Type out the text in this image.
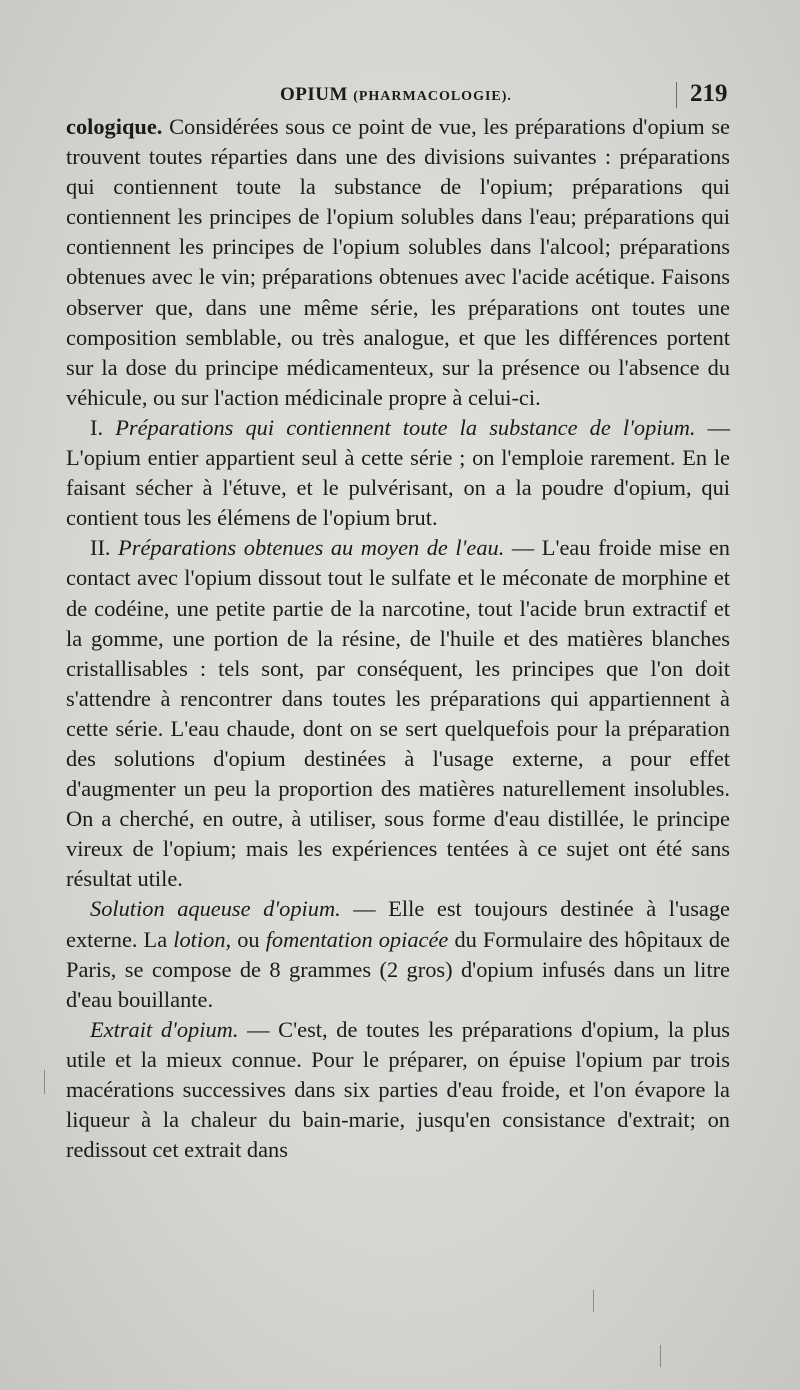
OPIUM (PHARMACOLOGIE).	219

cologique. Considérées sous ce point de vue, les préparations d'opium se trouvent toutes réparties dans une des divisions suivantes : préparations qui contiennent toute la substance de l'opium; préparations qui contiennent les principes de l'opium solubles dans l'eau; préparations qui contiennent les principes de l'opium solubles dans l'alcool; préparations obtenues avec le vin; préparations obtenues avec l'acide acétique. Faisons observer que, dans une même série, les préparations ont toutes une composition semblable, ou très analogue, et que les différences portent sur la dose du principe médicamenteux, sur la présence ou l'absence du véhicule, ou sur l'action médicinale propre à celui-ci.

I. Préparations qui contiennent toute la substance de l'opium. — L'opium entier appartient seul à cette série ; on l'emploie rarement. En le faisant sécher à l'étuve, et le pulvérisant, on a la poudre d'opium, qui contient tous les élémens de l'opium brut.

II. Préparations obtenues au moyen de l'eau. — L'eau froide mise en contact avec l'opium dissout tout le sulfate et le méconate de morphine et de codéine, une petite partie de la narcotine, tout l'acide brun extractif et la gomme, une portion de la résine, de l'huile et des matières blanches cristallisables : tels sont, par conséquent, les principes que l'on doit s'attendre à rencontrer dans toutes les préparations qui appartiennent à cette série. L'eau chaude, dont on se sert quelquefois pour la préparation des solutions d'opium destinées à l'usage externe, a pour effet d'augmenter un peu la proportion des matières naturellement insolubles. On a cherché, en outre, à utiliser, sous forme d'eau distillée, le principe vireux de l'opium; mais les expériences tentées à ce sujet ont été sans résultat utile.

Solution aqueuse d'opium. — Elle est toujours destinée à l'usage externe. La lotion, ou fomentation opiacée du Formulaire des hôpitaux de Paris, se compose de 8 grammes (2 gros) d'opium infusés dans un litre d'eau bouillante.

Extrait d'opium. — C'est, de toutes les préparations d'opium, la plus utile et la mieux connue. Pour le préparer, on épuise l'opium par trois macérations successives dans six parties d'eau froide, et l'on évapore la liqueur à la chaleur du bain-marie, jusqu'en consistance d'extrait; on redissout cet extrait dans
